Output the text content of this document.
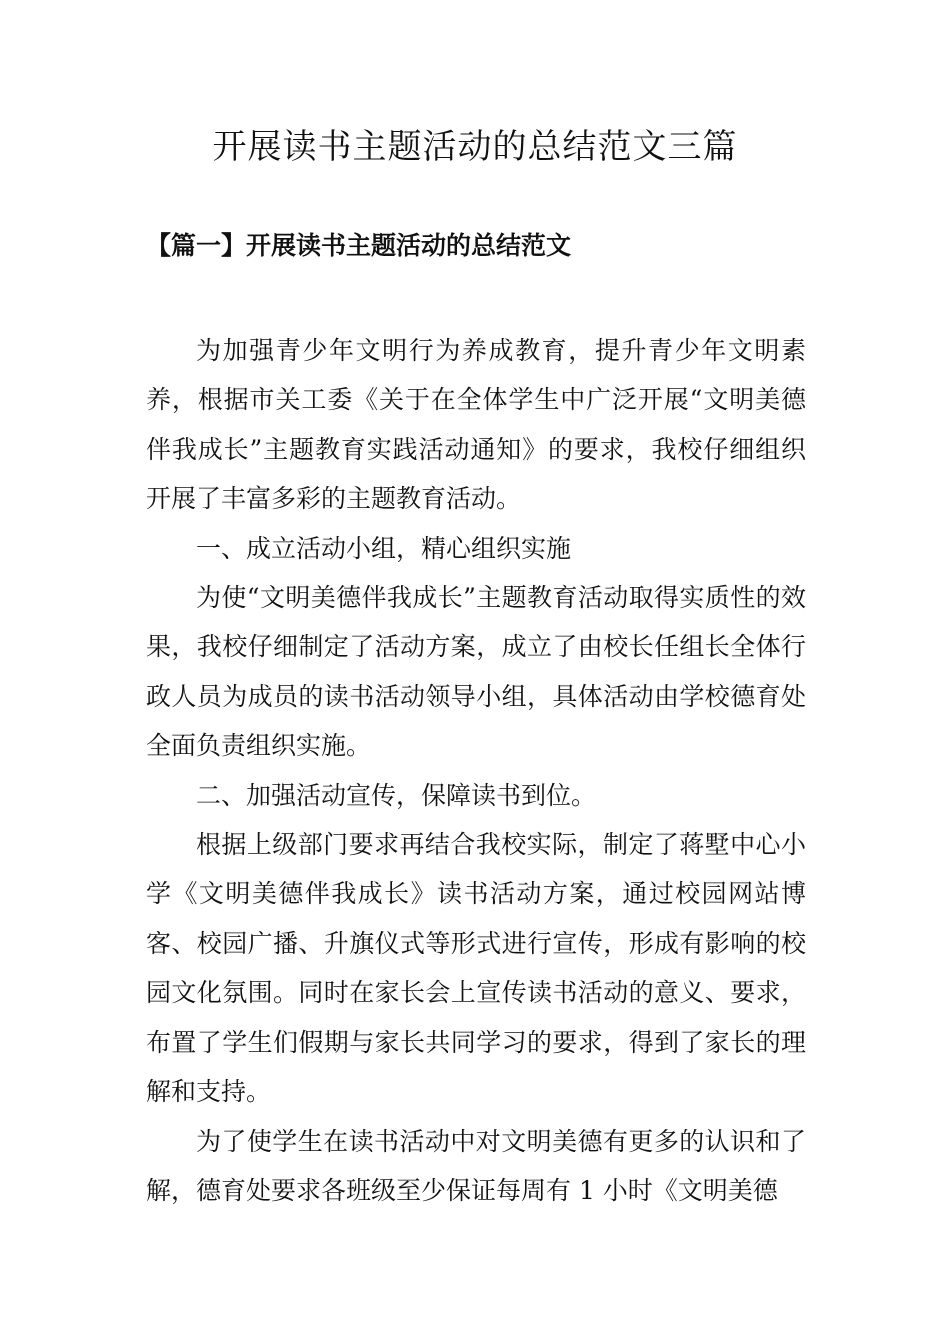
开展读书主题活动的总结范文三篇
【篇一】开展读书主题活动的总结范文

为加强青少年文明行为养成教育，提升青少年文明素养，根据市关工委《关于在全体学生中广泛开展“文明美德伴我成长”主题教育实践活动通知》的要求，我校仔细组织开展了丰富多彩的主题教育活动。

一、成立活动小组，精心组织实施

为使“文明美德伴我成长”主题教育活动取得实质性的效果，我校仔细制定了活动方案，成立了由校长任组长全体行政人员为成员的读书活动领导小组，具体活动由学校德育处全面负责组织实施。

二、加强活动宣传，保障读书到位。

根据上级部门要求再结合我校实际，制定了蒋墅中心小学《文明美德伴我成长》读书活动方案，通过校园网站博客、校园广播、升旗仪式等形式进行宣传，形成有影响的校园文化氛围。同时在家长会上宣传读书活动的意义、要求，布置了学生们假期与家长共同学习的要求，得到了家长的理解和支持。

为了使学生在读书活动中对文明美德有更多的认识和了解，德育处要求各班级至少保证每周有 1 小时《文明美德
